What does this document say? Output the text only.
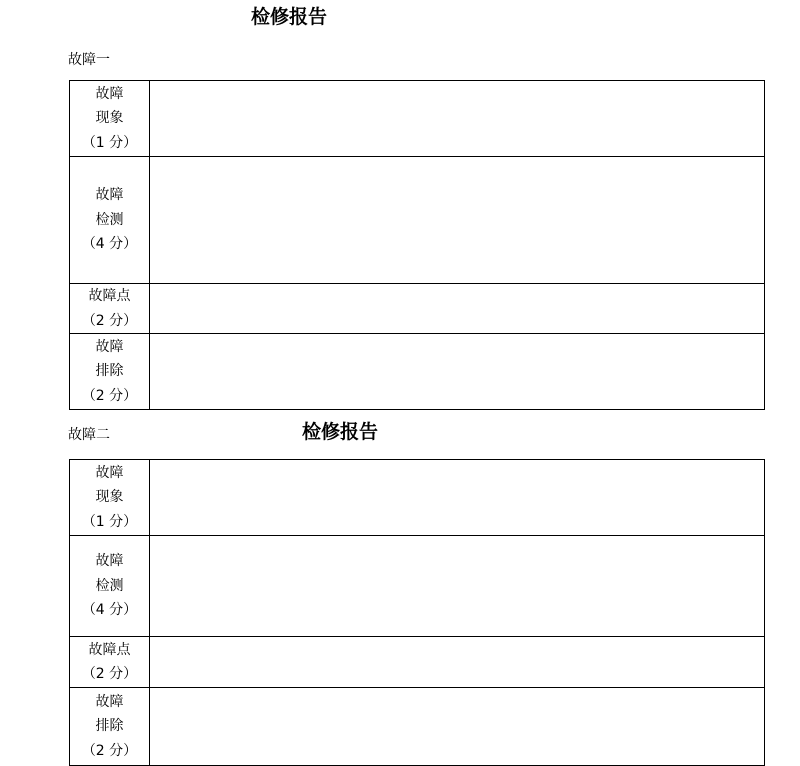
检修报告
故障一
故障
现象
（1 分）	

故障
检测
（4 分）	

故障点
（2 分）	

故障
排除
（2 分）	

故障二	检修报告
故障
现象
（1 分）	

故障
检测
（4 分）	

故障点
（2 分）	

故障
排除
（2 分）	
